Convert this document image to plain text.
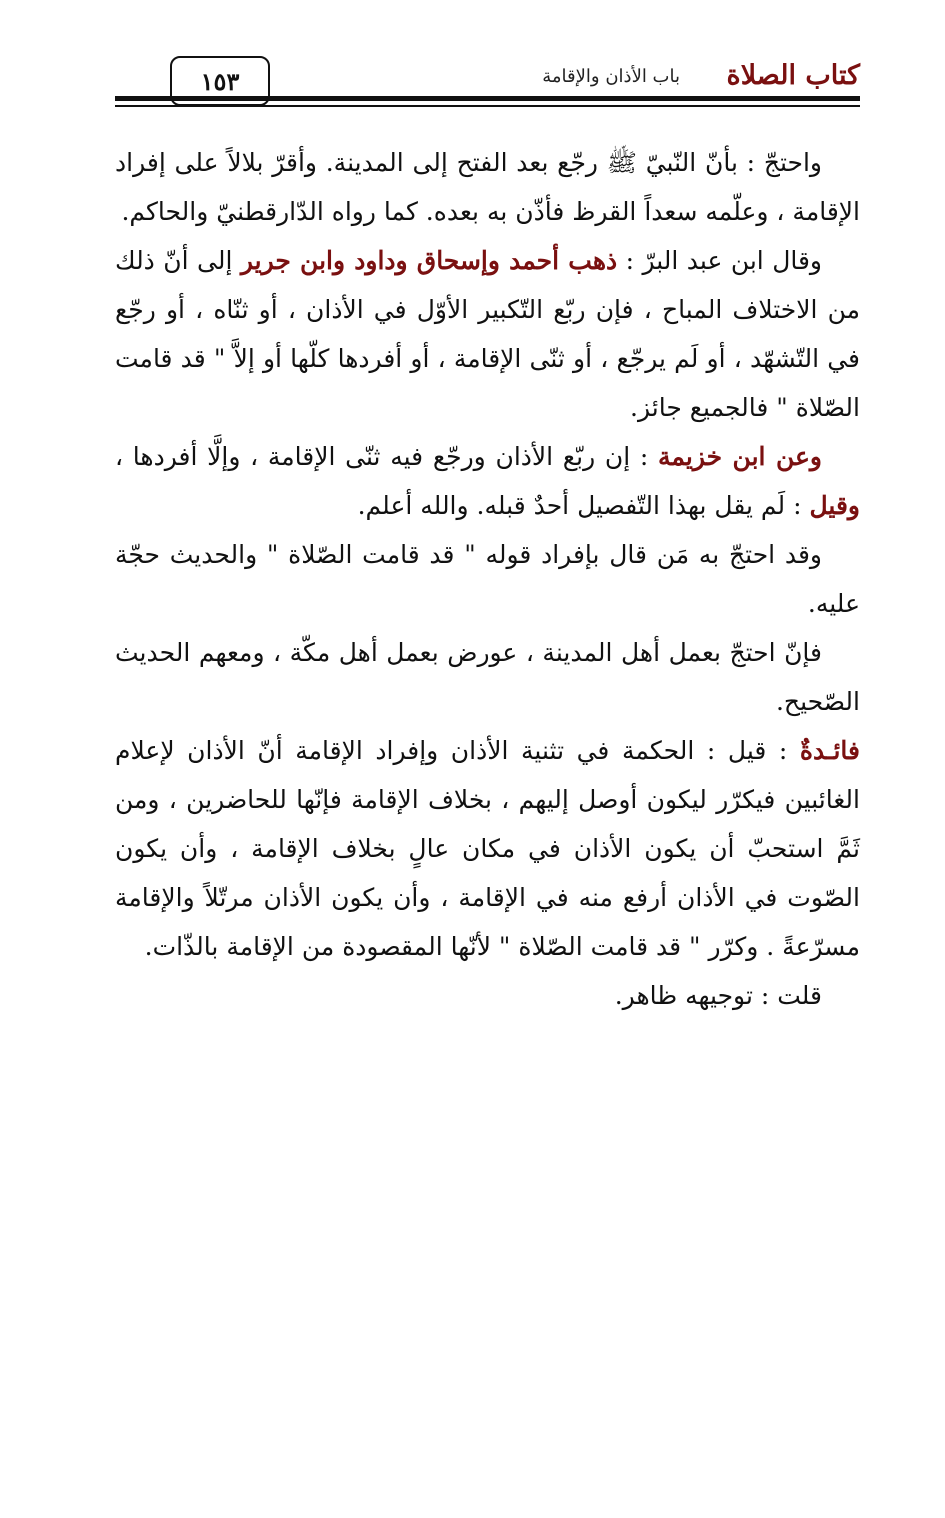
١٥٣	باب الأذان والإقامة كتاب الصلاة

واحتجّ : بأنّ النّبيّ ﷺ رجّع بعد الفتح إلى المدينة. وأقرّ بلالاً على إفراد الإقامة ، وعلّمه سعداً القرظ فأذّن به بعده. كما رواه الدّارقطنيّ والحاكم.

وقال ابن عبد البرّ : ذهب أحمد وإسحاق وداود وابن جرير إلى أنّ ذلك من الاختلاف المباح ، فإن ربّع التّكبير الأوّل في الأذان ، أو ثنّاه ، أو رجّع في التّشهّد ، أو لَم يرجّع ، أو ثنّى الإقامة ، أو أفردها كلّها أو إلاَّ " قد قامت الصّلاة " فالجميع جائز.

وعن ابن خزيمة : إن ربّع الأذان ورجّع فيه ثنّى الإقامة ، وإلَّا أفردها ، وقيل : لَم يقل بهذا التّفصيل أحدٌ قبله. والله أعلم.

وقد احتجّ به مَن قال بإفراد قوله " قد قامت الصّلاة " والحديث حجّة عليه.

فإنّ احتجّ بعمل أهل المدينة ، عورض بعمل أهل مكّة ، ومعهم الحديث الصّحيح.

فائـدةٌ : قيل : الحكمة في تثنية الأذان وإفراد الإقامة أنّ الأذان لإعلام الغائبين فيكرّر ليكون أوصل إليهم ، بخلاف الإقامة فإنّها للحاضرين ، ومن ثَمَّ استحبّ أن يكون الأذان في مكان عالٍ بخلاف الإقامة ، وأن يكون الصّوت في الأذان أرفع منه في الإقامة ، وأن يكون الأذان مرتّلاً والإقامة مسرّعةً . وكرّر " قد قامت الصّلاة " لأنّها المقصودة من الإقامة بالذّات.

قلت : توجيهه ظاهر.
